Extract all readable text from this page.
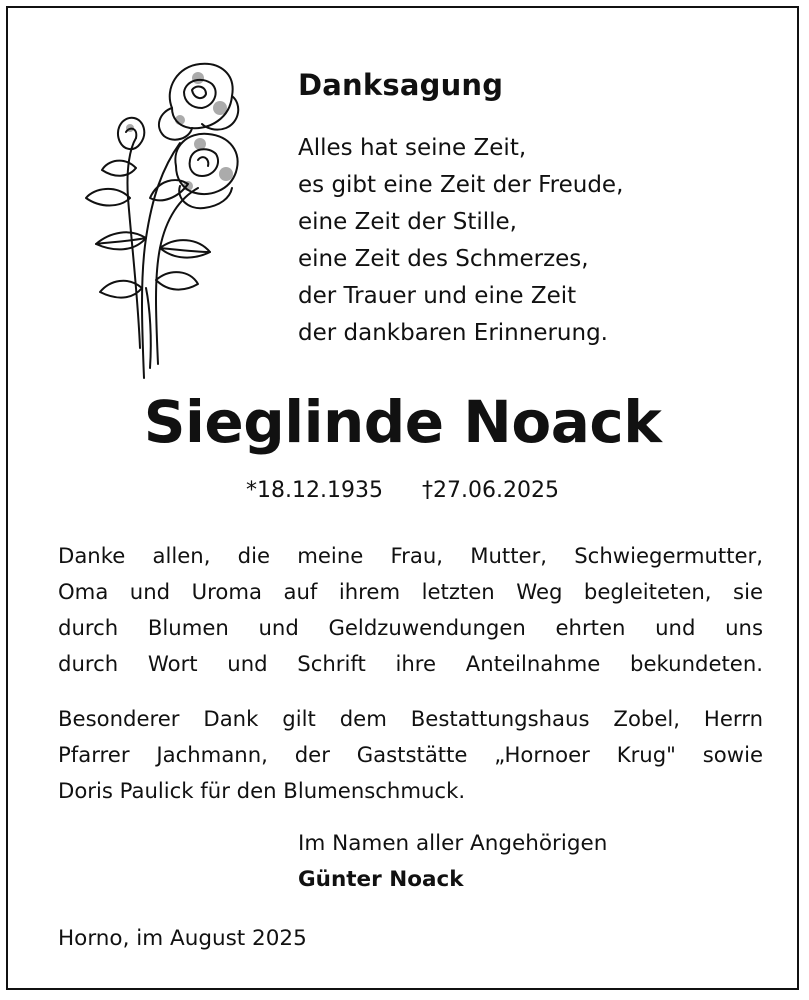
Danksagung
Alles hat seine Zeit,
es gibt eine Zeit der Freude,
eine Zeit der Stille,
eine Zeit des Schmerzes,
der Trauer und eine Zeit
der dankbaren Erinnerung.
Sieglinde Noack
*18.12.1935 †27.06.2025
Danke allen, die meine Frau, Mutter, Schwiegermutter,
Oma und Uroma auf ihrem letzten Weg begleiteten, sie
durch Blumen und Geldzuwendungen ehrten und uns
durch Wort und Schrift ihre Anteilnahme bekundeten.
Besonderer Dank gilt dem Bestattungshaus Zobel, Herrn
Pfarrer Jachmann, der Gaststätte „Hornoer Krug" sowie
Doris Paulick für den Blumenschmuck.
Im Namen aller Angehörigen
Günter Noack
Horno, im August 2025
